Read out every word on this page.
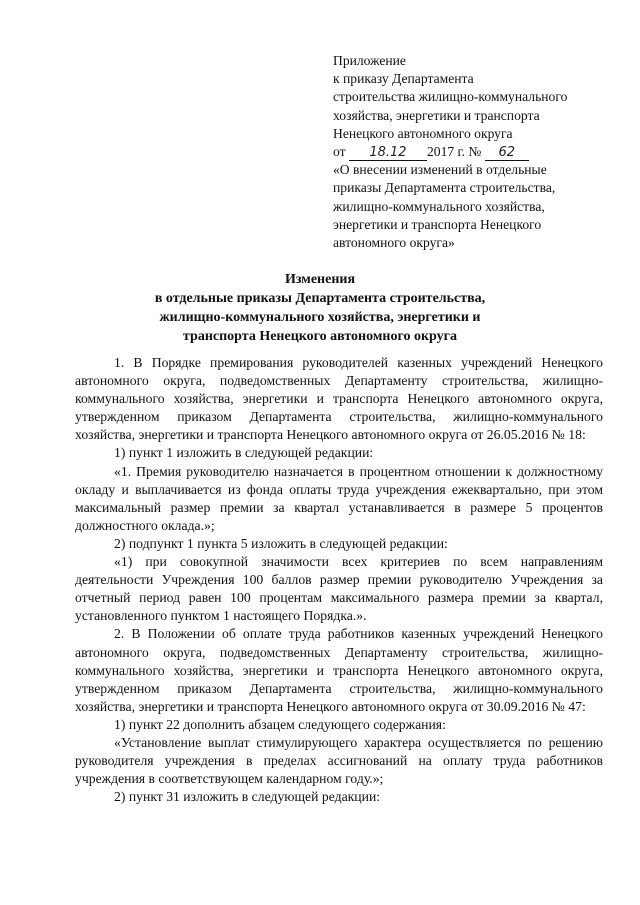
Приложение
к приказу Департамента
строительства жилищно-коммунального
хозяйства, энергетики и транспорта
Ненецкого автономного округа
от 18.12 2017 г. № 62
«О внесении изменений в отдельные
приказы Департамента строительства,
жилищно-коммунального хозяйства,
энергетики и транспорта Ненецкого
автономного округа»
Изменения
в отдельные приказы Департамента строительства,
жилищно-коммунального хозяйства, энергетики и
транспорта Ненецкого автономного округа

1. В Порядке премирования руководителей казенных учреждений Ненецкого автономного округа, подведомственных Департаменту строительства, жилищно-коммунального хозяйства, энергетики и транспорта Ненецкого автономного округа, утвержденном приказом Департамента строительства, жилищно-коммунального хозяйства, энергетики и транспорта Ненецкого автономного округа от 26.05.2016 № 18:

1) пункт 1 изложить в следующей редакции:

«1. Премия руководителю назначается в процентном отношении к должностному окладу и выплачивается из фонда оплаты труда учреждения ежеквартально, при этом максимальный размер премии за квартал устанавливается в размере 5 процентов должностного оклада.»;

2) подпункт 1 пункта 5 изложить в следующей редакции:

«1) при совокупной значимости всех критериев по всем направлениям деятельности Учреждения 100 баллов размер премии руководителю Учреждения за отчетный период равен 100 процентам максимального размера премии за квартал, установленного пунктом 1 настоящего Порядка.».

2. В Положении об оплате труда работников казенных учреждений Ненецкого автономного округа, подведомственных Департаменту строительства, жилищно-коммунального хозяйства, энергетики и транспорта Ненецкого автономного округа, утвержденном приказом Департамента строительства, жилищно-коммунального хозяйства, энергетики и транспорта Ненецкого автономного округа от 30.09.2016 № 47:

1) пункт 22 дополнить абзацем следующего содержания:

«Установление выплат стимулирующего характера осуществляется по решению руководителя учреждения в пределах ассигнований на оплату труда работников учреждения в соответствующем календарном году.»;

2) пункт 31 изложить в следующей редакции:
